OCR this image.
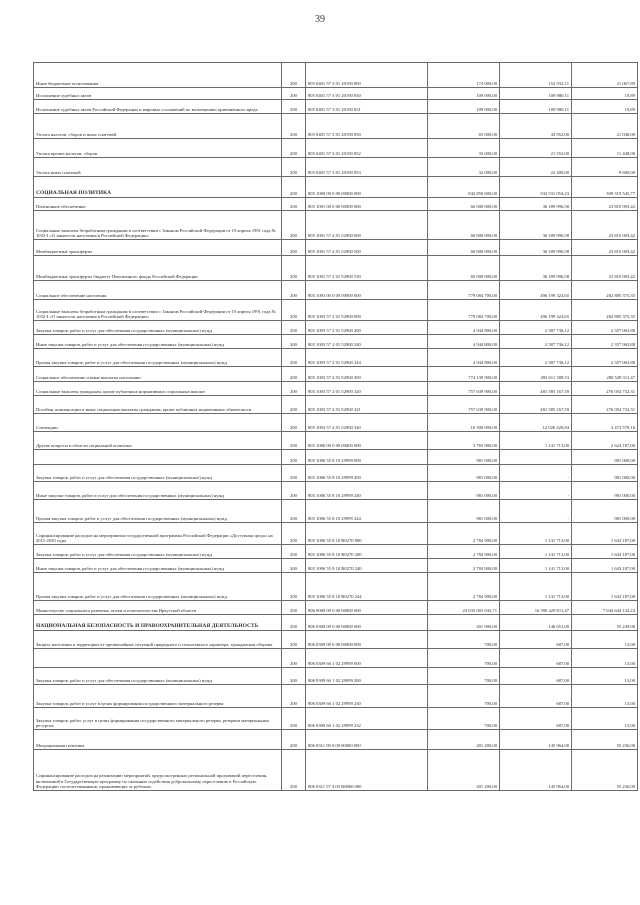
39
Иные бюджетные ассигнования	200	805 0401 57 3 01 20190 800	174 000,00	152 932,11	21 067,89
Исполнение судебных актов	200	805 0401 57 3 01 20190 830	109 000,00	108 980,11	19,89
Исполнение судебных актов Российской Федерации и мировых соглашений по возмещению причиненного вреда	200	805 0401 57 3 01 20190 831	109 000,00	108 980,11	19,89
Уплата налогов, сборов и иных платежей	200	805 0401 57 3 01 20190 850	65 000,00	43 952,00	21 048,00
Уплата прочих налогов, сборов	200	805 0401 57 3 01 20190 852	33 000,00	21 552,00	11 448,00
Уплата иных платежей	200	805 0401 57 3 01 20190 853	32 000,00	22 400,00	9 600,00
СОЦИАЛЬНАЯ ПОЛИТИКА	200	805 1000 00 0 00 00000 000	842 850 600,00	533 531 054,23	309 319 545,77
Пенсионное обеспечение	200	805 1001 00 0 00 00000 000	60 000 000,00	36 189 996,58	23 810 003,42
Социальные выплаты безработным гражданам в соответствии с Законом Российской Федерации от 19 апреля 1991 года № 1032-I «О занятости населения в Российской Федерации»	200	805 1001 57 2 01 52900 000	60 000 000,00	36 189 996,58	23 810 003,42
Межбюджетные трансферты	200	805 1001 57 2 01 52900 500	60 000 000,00	36 189 996,58	23 810 003,42
Межбюджетные трансферты бюджету Пенсионного фонда Российской Федерации	200	805 1001 57 2 01 52900 530	60 000 000,00	36 189 996,58	23 810 003,42
Социальное обеспечение населения	200	805 1003 00 0 00 00000 000	779 084 700,00	496 199 324,65	282 885 375,35
Социальные выплаты безработным гражданам в соответствии с Законом Российской Федерации от 19 апреля 1991 года № 1032-I «О занятости населения в Российской Федерации»	200	805 1003 57 2 01 52900 000	779 084 700,00	496 199 324,65	282 885 375,35
Закупка товаров, работ и услуг для обеспечения государственных (муниципальных) нужд	200	805 1003 57 2 01 52900 200	4 944 800,00	2 587 736,12	2 357 063,88
Иные закупки товаров, работ и услуг для обеспечения государственных (муниципальных) нужд	200	805 1003 57 2 01 52900 240	4 944 800,00	2 587 736,12	2 357 063,88
Прочая закупка товаров, работ и услуг для обеспечения государственных (муниципальных) нужд	200	805 1003 57 2 01 52900 244	4 944 800,00	2 587 736,12	2 357 063,88
Социальное обеспечение и иные выплаты населению	200	805 1003 57 2 01 52900 300	774 139 900,00	493 611 588,53	280 528 311,47
Социальные выплаты гражданам, кроме публичных нормативных социальных выплат	200	805 1003 57 2 01 52900 320	757 639 900,00	481 585 167,59	276 054 732,31
Пособия, компенсации и иные социальные выплаты гражданам, кроме публичных нормативных обязательств	200	805 1003 57 2 01 52900 321	757 639 900,00	481 585 167,59	276 054 732,31
Стипендии	200	805 1003 57 2 01 52900 340	16 500 000,00	12 026 420,84	4 473 579,16
Другие вопросы в области социальной политики	200	805 1006 00 0 00 00000 000	3 765 900,00	1 141 713,00	2 624 187,00
	200	805 1006 55 8 10 29999 000	981 000,00		981 000,00
Закупка товаров, работ и услуг для обеспечения государственных (муниципальных) нужд	200	805 1006 55 8 10 29999 200	981 000,00	-	981 000,00
Иные закупки товаров, работ и услуг для обеспечения государственных (муниципальных) нужд	200	805 1006 55 8 10 29999 240	981 000,00	-	981 000,00
Прочая закупка товаров, работ и услуг для обеспечения государственных (муниципальных) нужд	200	805 1006 55 8 10 29999 244	981 000,00	-	981 000,00
Софинансирование расходов на мероприятия государственной программы Российской Федерации «Доступная среда» на 2011-2020 годы	200	805 1006 55 8 10 R0270 000	2 784 900,00	1 141 713,00	1 643 187,00
Закупка товаров, работ и услуг для обеспечения государственных (муниципальных) нужд	200	805 1006 55 8 10 R0270 200	2 784 900,00	1 141 713,00	1 643 187,00
Иные закупки товаров, работ и услуг для обеспечения государственных (муниципальных) нужд	200	805 1006 55 8 10 R0270 240	2 784 900,00	1 141 713,00	1 643 187,00
Прочая закупка товаров, работ и услуг для обеспечения государственных (муниципальных) нужд	200	805 1006 55 8 10 R0270 244	2 784 900,00	1 141 713,00	1 643 187,00
Министерство социального развития, опеки и попечительства Иркутской области	200	806 0000 00 0 00 00000 000	23 635 003 943,71	16 590 429 811,47	7 044 644 132,24
НАЦИОНАЛЬНАЯ БЕЗОПАСНОСТЬ И ПРАВООХРАНИТЕЛЬНАЯ ДЕЯТЕЛЬНОСТЬ	200	806 0300 00 0 00 00000 000	201 900,00	146 651,00	55 249,00
Защита населения и территории от чрезвычайных ситуаций природного и техногенного характера, гражданская оборона	200	806 0309 00 0 00 00000 000	700,00	687,00	13,00
	200	806 0309 66 1 02 29999 000	700,00	687,00	13,00
Закупка товаров, работ и услуг для обеспечения государственных (муниципальных) нужд	200	806 0309 66 1 02 29999 200	700,00	687,00	13,00
Закупка товаров, работ и услуг в целях формирования государственного материального резерва	200	806 0309 66 1 02 29999 230	700,00	687,00	13,00
Закупка товаров, работ, услуг в целях формирования государственного материального резерва, резервов материальных ресурсов	200	806 0309 66 1 02 29999 232	700,00	687,00	13,00
Миграционная политика	200	806 0311 00 0 00 00000 000	201 200,00	145 964,00	55 236,00
Софинансирование расходов на реализацию мероприятий, предусмотренных региональной программой переселения, включенной в Государственную программу по оказанию содействия добровольному переселению в Российскую Федерацию соотечественников, проживающих за рубежом	200	806 0311 57 4 05 R0860 000	201 200,00	145 964,00	55 236,00
